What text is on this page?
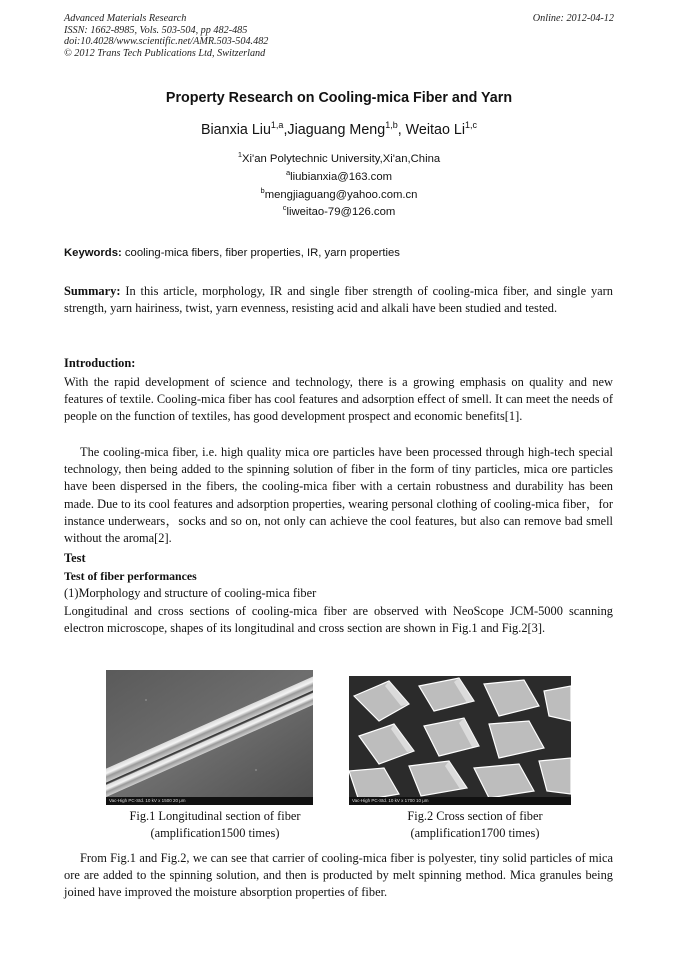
Advanced Materials Research
ISSN: 1662-8985, Vols. 503-504, pp 482-485
doi:10.4028/www.scientific.net/AMR.503-504.482
© 2012 Trans Tech Publications Ltd, Switzerland
Online: 2012-04-12
Property Research on Cooling-mica Fiber and Yarn
Bianxia Liu$^{1,a}$,Jiaguang Meng$^{1,b}$, Weitao Li$^{1,c}$
$^1$Xi'an Polytechnic University,Xi'an,China
$^a$liubianxia@163.com
$^b$mengjiaguang@yahoo.com.cn
$^c$liweitao-79@126.com
Keywords: cooling-mica fibers, fiber properties, IR, yarn properties
Summary: In this article, morphology, IR and single fiber strength of cooling-mica fiber, and single yarn strength, yarn hairiness, twist, yarn evenness, resisting acid and alkali have been studied and tested.
Introduction:
With the rapid development of science and technology, there is a growing emphasis on quality and new features of textile. Cooling-mica fiber has cool features and adsorption effect of smell. It can meet the needs of people on the function of textiles, has good development prospect and economic benefits[1].
The cooling-mica fiber, i.e. high quality mica ore particles have been processed through high-tech special technology, then being added to the spinning solution of fiber in the form of tiny particles, mica ore particles have been dispersed in the fibers, the cooling-mica fiber with a certain robustness and durability has been made. Due to its cool features and adsorption properties, wearing personal clothing of cooling-mica fiber，for instance underwears，socks and so on, not only can achieve the cool features, but also can remove bad smell without the aroma[2].
Test
Test of fiber performances
(1)Morphology and structure of cooling-mica fiber
Longitudinal and cross sections of cooling-mica fiber are observed with NeoScope JCM-5000 scanning electron microscope, shapes of its longitudinal and cross section are shown in Fig.1 and Fig.2[3].
Vac-High PC-Std. 10 kV x 1500 20 μm	Vac-High PC-Std. 10 kV x 1700 10 μm
Fig.1 Longitudinal section of fiber
(amplification1500 times)
Fig.2 Cross section of fiber
(amplification1700 times)
From Fig.1 and Fig.2, we can see that carrier of cooling-mica fiber is polyester, tiny solid particles of mica ore are added to the spinning solution, and then is producted by melt spinning method. Mica granules being joined have improved the moisture absorption properties of fiber.
